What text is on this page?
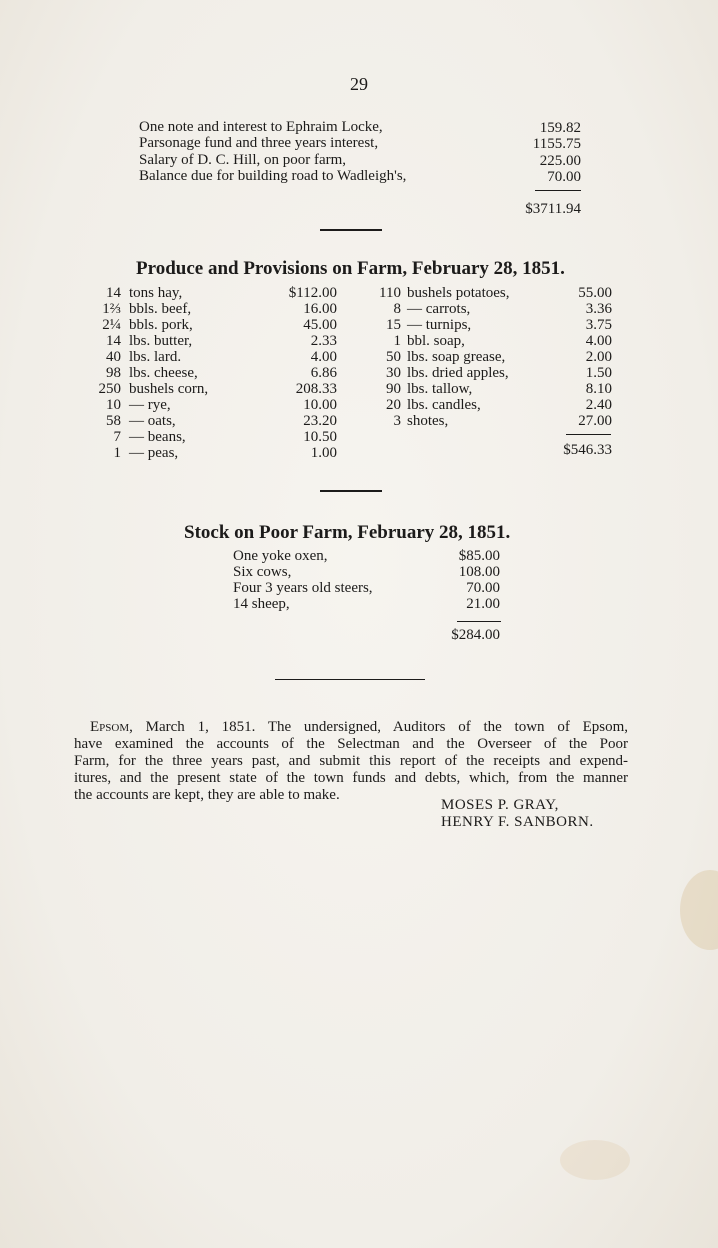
29
One note and interest to Ephraim Locke,	159.82
Parsonage fund and three years interest,	1155.75
Salary of D. C. Hill, on poor farm,	225.00
Balance due for building road to Wadleigh's,	70.00
$3711.94
Produce and Provisions on Farm, February 28, 1851.
14 tons hay,	$112.00
1⅔ bbls. beef,	16.00
2¼ bbls. pork,	45.00
14 lbs. butter,	2.33
40 lbs. lard.	4.00
98 lbs. cheese,	6.86
250 bushels corn,	208.33
10 — rye,	10.00
58 — oats,	23.20
7 — beans,	10.50
1 — peas,	1.00
110 bushels potatoes,	55.00
8 — carrots,	3.36
15 — turnips,	3.75
1 bbl. soap,	4.00
50 lbs. soap grease,	2.00
30 lbs. dried apples,	1.50
90 lbs. tallow,	8.10
20 lbs. candles,	2.40
3 shotes,	27.00
$546.33
Stock on Poor Farm, February 28, 1851.
One yoke oxen,	$85.00
Six cows,	108.00
Four 3 years old steers,	70.00
14 sheep,	21.00
$284.00
Epsom, March 1, 1851. The undersigned, Auditors of the town of Epsom,
have examined the accounts of the Selectman and the Overseer of the Poor
Farm, for the three years past, and submit this report of the receipts and expend-
itures, and the present state of the town funds and debts, which, from the manner
the accounts are kept, they are able to make.
MOSES P. GRAY,
HENRY F. SANBORN.
